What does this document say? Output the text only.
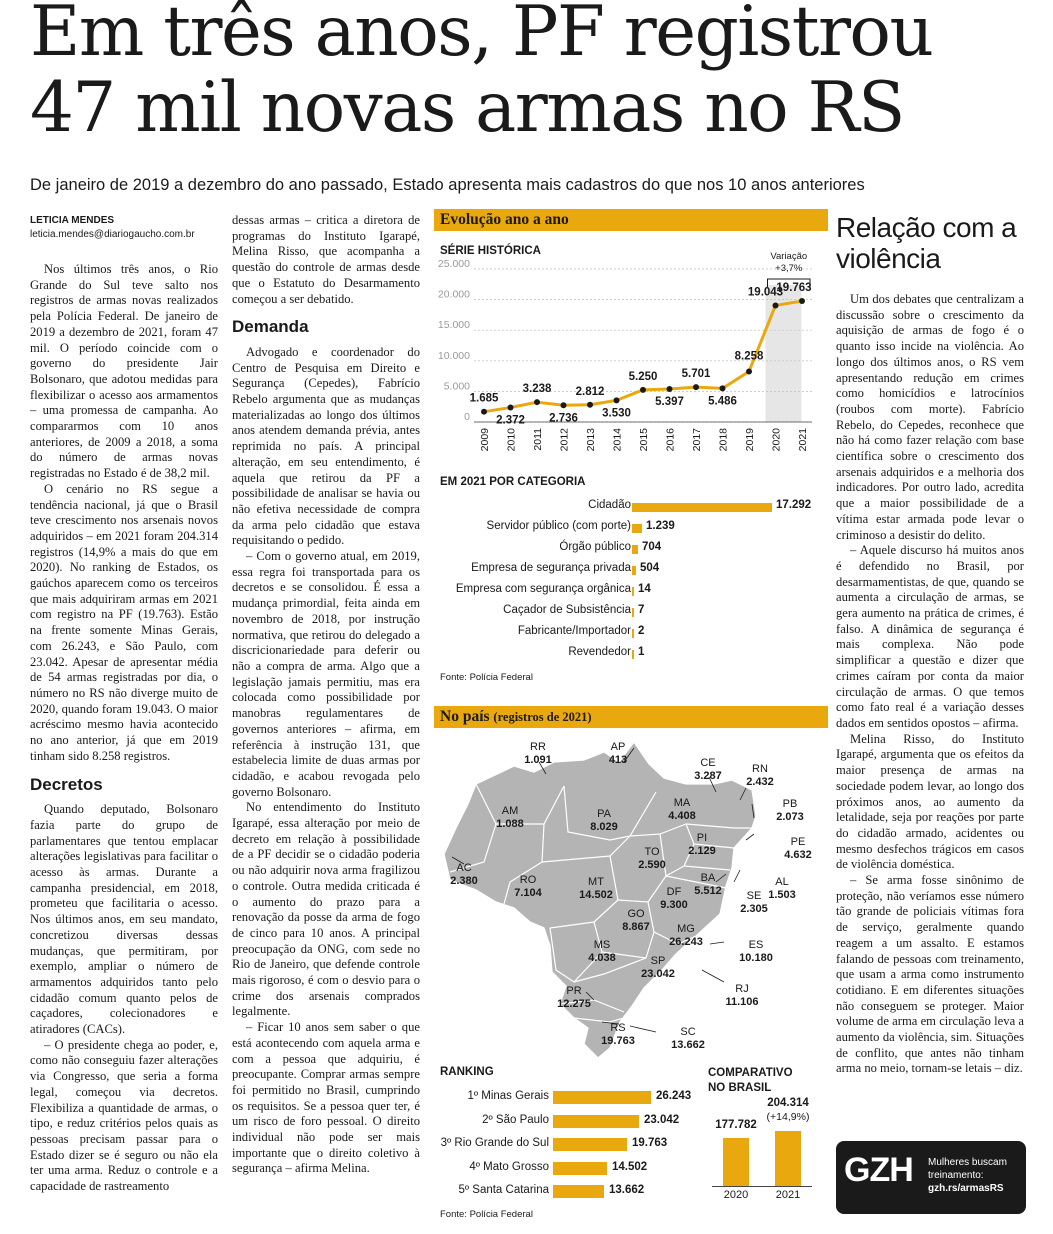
Em três anos, PF registrou
47 mil novas armas no RS
De janeiro de 2019 a dezembro do ano passado, Estado apresenta mais cadastros do que nos 10 anos anteriores
LETICIA MENDES
leticia.mendes@diariogaucho.com.br

Nos últimos três anos, o Rio Grande do Sul teve salto nos registros de armas novas realizados pela Polícia Federal. De janeiro de 2019 a dezembro de 2021, foram 47 mil. O período coincide com o governo do presidente Jair Bolsonaro, que adotou medidas para flexibilizar o acesso aos armamentos – uma promessa de campanha. Ao compararmos com 10 anos anteriores, de 2009 a 2018, a soma do número de armas novas registradas no Estado é de 38,2 mil.

O cenário no RS segue a tendência nacional, já que o Brasil teve crescimento nos arsenais novos adquiridos – em 2021 foram 204.314 registros (14,9% a mais do que em 2020). No ranking de Estados, os gaúchos aparecem como os terceiros que mais adquiriram armas em 2021 com registro na PF (19.763). Estão na frente somente Minas Gerais, com 26.243, e São Paulo, com 23.042. Apesar de apresentar média de 54 armas registradas por dia, o número no RS não diverge muito de 2020, quando foram 19.043. O maior acréscimo mesmo havia acontecido no ano anterior, já que em 2019 tinham sido 8.258 registros.

Decretos

Quando deputado, Bolsonaro fazia parte do grupo de parlamentares que tentou emplacar alterações legislativas para facilitar o acesso às armas. Durante a campanha presidencial, em 2018, prometeu que facilitaria o acesso. Nos últimos anos, em seu mandato, concretizou diversas dessas mudanças, que permitiram, por exemplo, ampliar o número de armamentos adquiridos tanto pelo cidadão comum quanto pelos de caçadores, colecionadores e atiradores (CACs).

– O presidente chega ao poder, e, como não conseguiu fazer alterações via Congresso, que seria a forma legal, começou via decretos. Flexibiliza a quantidade de armas, o tipo, e reduz critérios pelos quais as pessoas precisam passar para o Estado dizer se é seguro ou não ela ter uma arma. Reduz o controle e a capacidade de rastreamento

dessas armas – critica a diretora de programas do Instituto Igarapé, Melina Risso, que acompanha a questão do controle de armas desde que o Estatuto do Desarmamento começou a ser debatido.

Demanda

Advogado e coordenador do Centro de Pesquisa em Direito e Segurança (Cepedes), Fabrício Rebelo argumenta que as mudanças materializadas ao longo dos últimos anos atendem demanda prévia, antes reprimida no país. A principal alteração, em seu entendimento, é aquela que retirou da PF a possibilidade de analisar se havia ou não efetiva necessidade de compra da arma pelo cidadão que estava requisitando o pedido.

– Com o governo atual, em 2019, essa regra foi transportada para os decretos e se consolidou. É essa a mudança primordial, feita ainda em novembro de 2018, por instrução normativa, que retirou do delegado a discricionariedade para deferir ou não a compra de arma. Algo que a legislação jamais permitiu, mas era colocada como possibilidade por manobras regulamentares de governos anteriores – afirma, em referência à instrução 131, que estabelecia limite de duas armas por cidadão, e acabou revogada pelo governo Bolsonaro.

No entendimento do Instituto Igarapé, essa alteração por meio de decreto em relação à possibilidade de a PF decidir se o cidadão poderia ou não adquirir nova arma fragilizou o controle. Outra medida criticada é o aumento do prazo para a renovação da posse da arma de fogo de cinco para 10 anos. A principal preocupação da ONG, com sede no Rio de Janeiro, que defende controle mais rigoroso, é com o desvio para o crime dos arsenais comprados legalmente.

– Ficar 10 anos sem saber o que está acontecendo com aquela arma e com a pessoa que adquiriu, é preocupante. Comprar armas sempre foi permitido no Brasil, cumprindo os requisitos. Se a pessoa quer ter, é um risco de foro pessoal. O direito individual não pode ser mais importante que o direito coletivo à segurança – afirma Melina.

Relação com a violência

Um dos debates que centralizam a discussão sobre o crescimento da aquisição de armas de fogo é o quanto isso incide na violência. Ao longo dos últimos anos, o RS vem apresentando redução em crimes como homicídios e latrocínios (roubos com morte). Fabrício Rebelo, do Cepedes, reconhece que não há como fazer relação com base científica sobre o crescimento dos arsenais adquiridos e a melhoria dos indicadores. Por outro lado, acredita que a maior possibilidade de a vítima estar armada pode levar o criminoso a desistir do delito.

– Aquele discurso há muitos anos é defendido no Brasil, por desarmamentistas, de que, quando se aumenta a circulação de armas, se gera aumento na prática de crimes, é falso. A dinâmica de segurança é mais complexa. Não pode simplificar a questão e dizer que crimes caíram por conta da maior circulação de armas. O que temos como fato real é a variação desses dados em sentidos opostos – afirma.

Melina Risso, do Instituto Igarapé, argumenta que os efeitos da maior presença de armas na sociedade podem levar, ao longo dos próximos anos, ao aumento da letalidade, seja por reações por parte do cidadão armado, acidentes ou mesmo desfechos trágicos em casos de violência doméstica.

– Se arma fosse sinônimo de proteção, não veríamos esse número tão grande de policiais vítimas fora de serviço, geralmente quando reagem a um assalto. E estamos falando de pessoas com treinamento, que usam a arma como instrumento cotidiano. E em diferentes situações não conseguem se proteger. Maior volume de arma em circulação leva a aumento da violência, sim. Situações de conflito, que antes não tinham arma no meio, tornam-se letais – diz.

GZH Mulheres buscam
treinamento:
gzh.rs/armasRS
Evolução ano a ano
SÉRIE HISTÓRICA
0
5.000
10.000
15.000
20.000
25.000
1.685
2009
2.372
2010
3.238
2011
2.736
2012
2.812
2013
3.530
2014
5.250
2015
5.397
2016
5.701
2017
5.486
2018
8.258
2019
19.043
2020
19.763
2021
Variação
+3,7%
EM 2021 POR CATEGORIA
Cidadão	17.292
Servidor público (com porte) 1.239
Órgão público 704
Empresa de segurança privada 504
Empresa com segurança orgânica 14
Caçador de Subsistência 7
Fabricante/Importador 2
Revendedor 1
Fonte: Polícia Federal
No país (registros de 2021)
RR
1.091
AP
413	CE
3.287
RN
2.432
AM
1.088
PA
8.029
MA
4.408
PB
2.073
PI
2.129
PE
4.632
TO
2.590
AC
2.380	RO
7.104
MT
14.502
BA
5.512
AL
1.503
DF
9.300
SE
2.305
GO
8.867	MG
26.243	ES
10.180
MS
4.038	SP
23.042
RJ
11.106
PR
12.275
RS
19.763
SC
13.662
RANKING
1º Minas Gerais	26.243
2º São Paulo	23.042
3º Rio Grande do Sul	19.763
4º Mato Grosso	14.502
5º Santa Catarina	13.662
Fonte: Polícia Federal
COMPARATIVO
NO BRASIL
177.782
2020
204.314
2021
(+14,9%)
